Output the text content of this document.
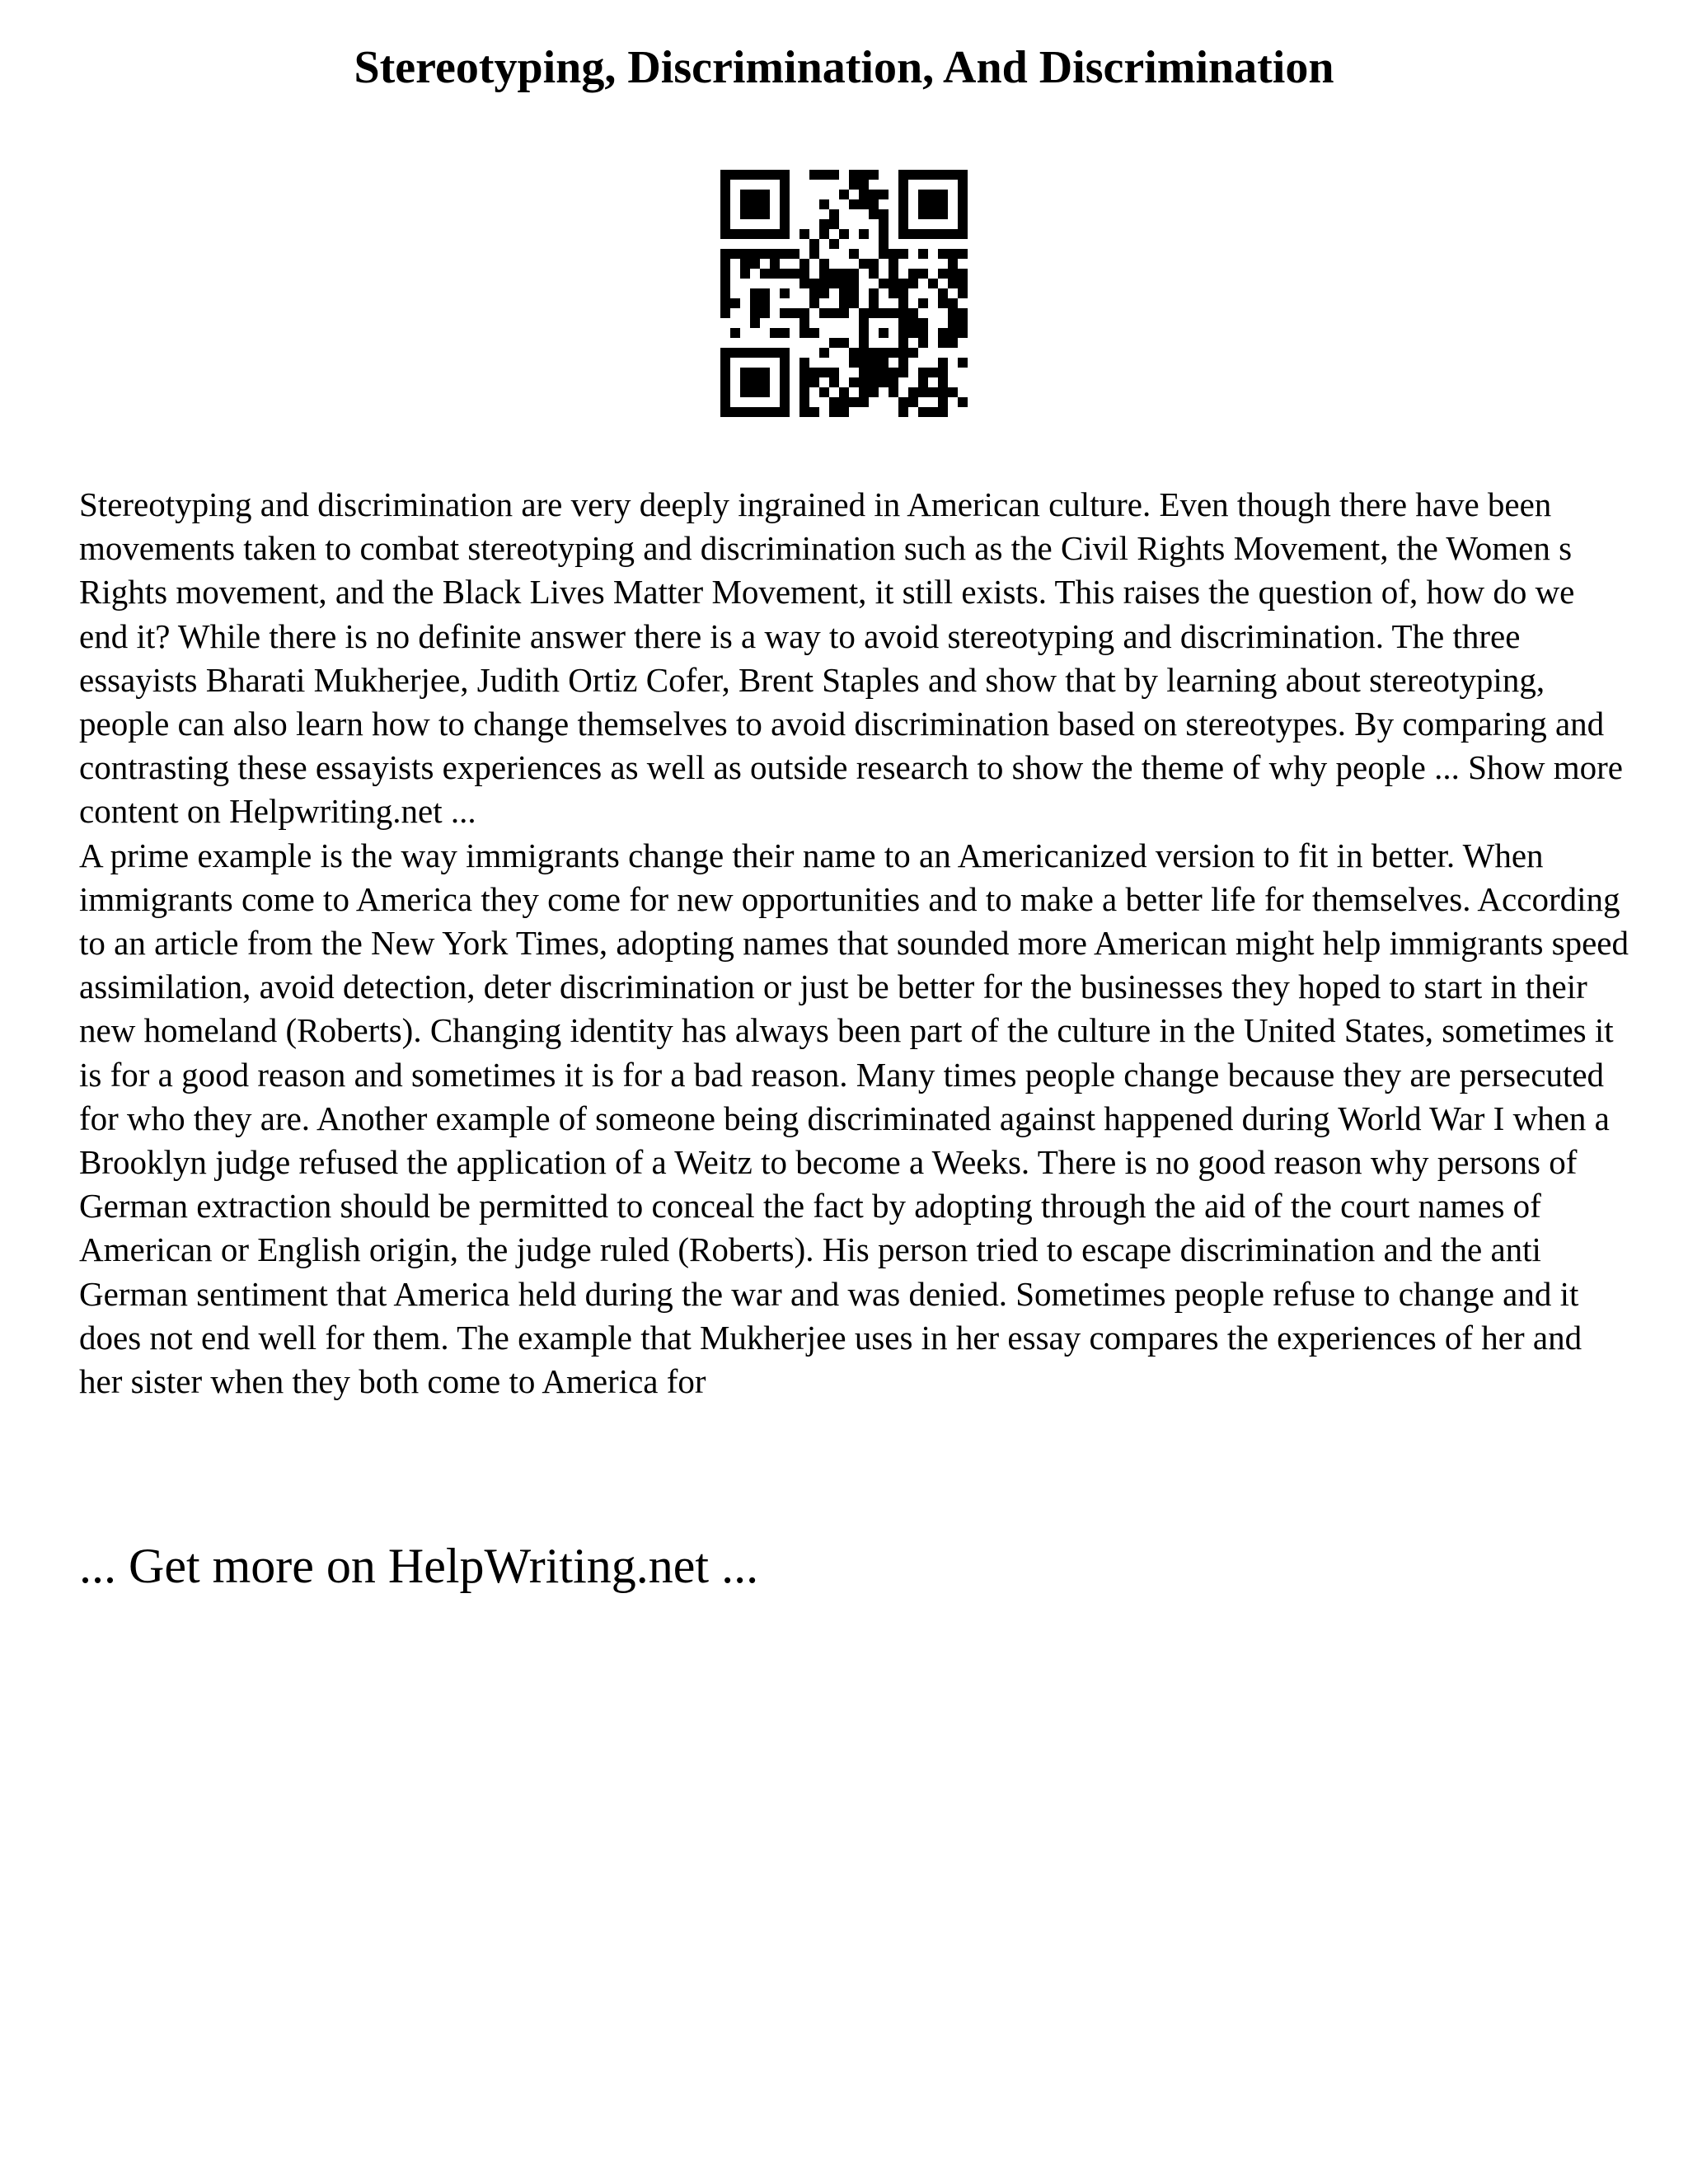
Stereotyping, Discrimination, And Discrimination

Stereotyping and discrimination are very deeply ingrained in American culture. Even though there have been movements taken to combat stereotyping and discrimination such as the Civil Rights Movement, the Women s Rights movement, and the Black Lives Matter Movement, it still exists. This raises the question of, how do we end it? While there is no definite answer there is a way to avoid stereotyping and discrimination. The three essayists Bharati Mukherjee, Judith Ortiz Cofer, Brent Staples and show that by learning about stereotyping, people can also learn how to change themselves to avoid discrimination based on stereotypes. By comparing and contrasting these essayists experiences as well as outside research to show the theme of why people ... Show more content on Helpwriting.net ...

A prime example is the way immigrants change their name to an Americanized version to fit in better. When immigrants come to America they come for new opportunities and to make a better life for themselves. According to an article from the New York Times, adopting names that sounded more American might help immigrants speed assimilation, avoid detection, deter discrimination or just be better for the businesses they hoped to start in their new homeland (Roberts). Changing identity has always been part of the culture in the United States, sometimes it is for a good reason and sometimes it is for a bad reason. Many times people change because they are persecuted for who they are. Another example of someone being discriminated against happened during World War I when a Brooklyn judge refused the application of a Weitz to become a Weeks. There is no good reason why persons of German extraction should be permitted to conceal the fact by adopting through the aid of the court names of American or English origin, the judge ruled (Roberts). His person tried to escape discrimination and the anti German sentiment that America held during the war and was denied. Sometimes people refuse to change and it does not end well for them. The example that Mukherjee uses in her essay compares the experiences of her and her sister when they both come to America for

... Get more on HelpWriting.net ...
